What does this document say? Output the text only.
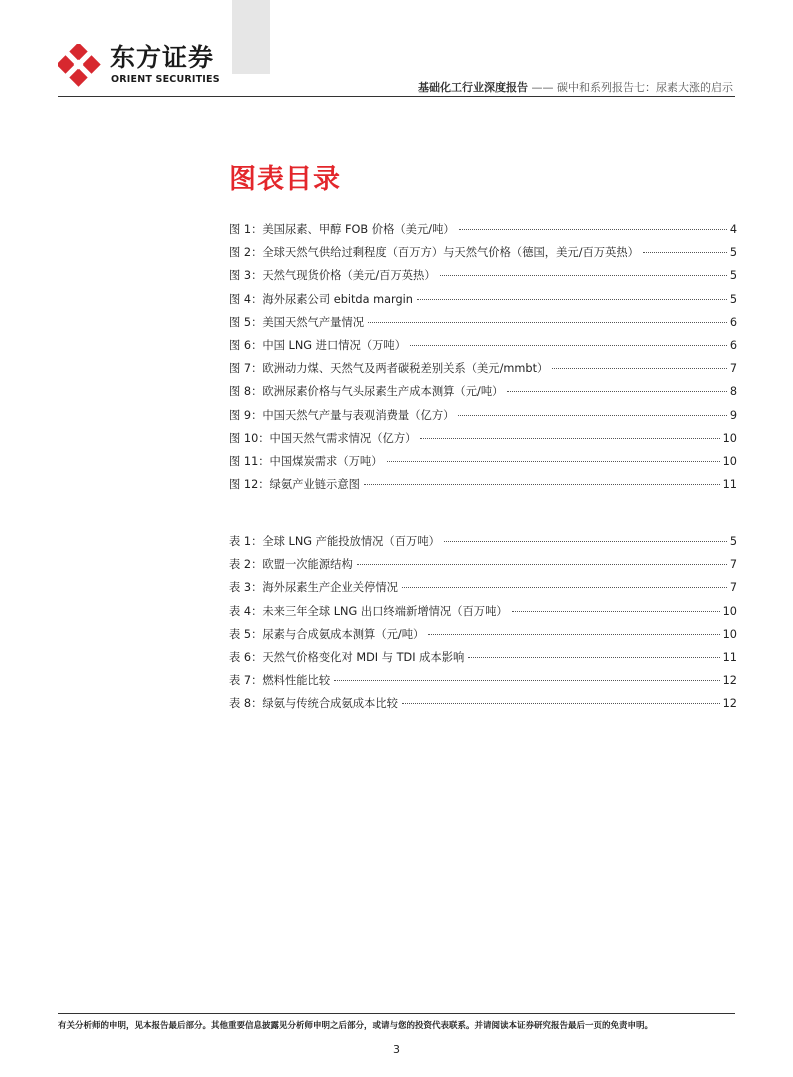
东方证券
ORIENT SECURITIES
基础化工行业深度报告 —— 碳中和系列报告七：尿素大涨的启示
图表目录
图 1：美国尿素、甲醇 FOB 价格（美元/吨）	4
图 2：全球天然气供给过剩程度（百万方）与天然气价格（德国，美元/百万英热）	5
图 3：天然气现货价格（美元/百万英热）	5
图 4：海外尿素公司 ebitda margin	5
图 5：美国天然气产量情况	6
图 6：中国 LNG 进口情况（万吨）	6
图 7：欧洲动力煤、天然气及两者碳税差别关系（美元/mmbt）	7
图 8：欧洲尿素价格与气头尿素生产成本测算（元/吨）	8
图 9：中国天然气产量与表观消费量（亿方）	9
图 10：中国天然气需求情况（亿方）	10
图 11：中国煤炭需求（万吨）	10
图 12：绿氨产业链示意图	11
表 1：全球 LNG 产能投放情况（百万吨）	5
表 2：欧盟一次能源结构	7
表 3：海外尿素生产企业关停情况	7
表 4：未来三年全球 LNG 出口终端新增情况（百万吨）	10
表 5：尿素与合成氨成本测算（元/吨）	10
表 6：天然气价格变化对 MDI 与 TDI 成本影响	11
表 7：燃料性能比较	12
表 8：绿氨与传统合成氨成本比较	12
有关分析师的申明，见本报告最后部分。其他重要信息披露见分析师申明之后部分，或请与您的投资代表联系。并请阅读本证券研究报告最后一页的免责申明。
3
